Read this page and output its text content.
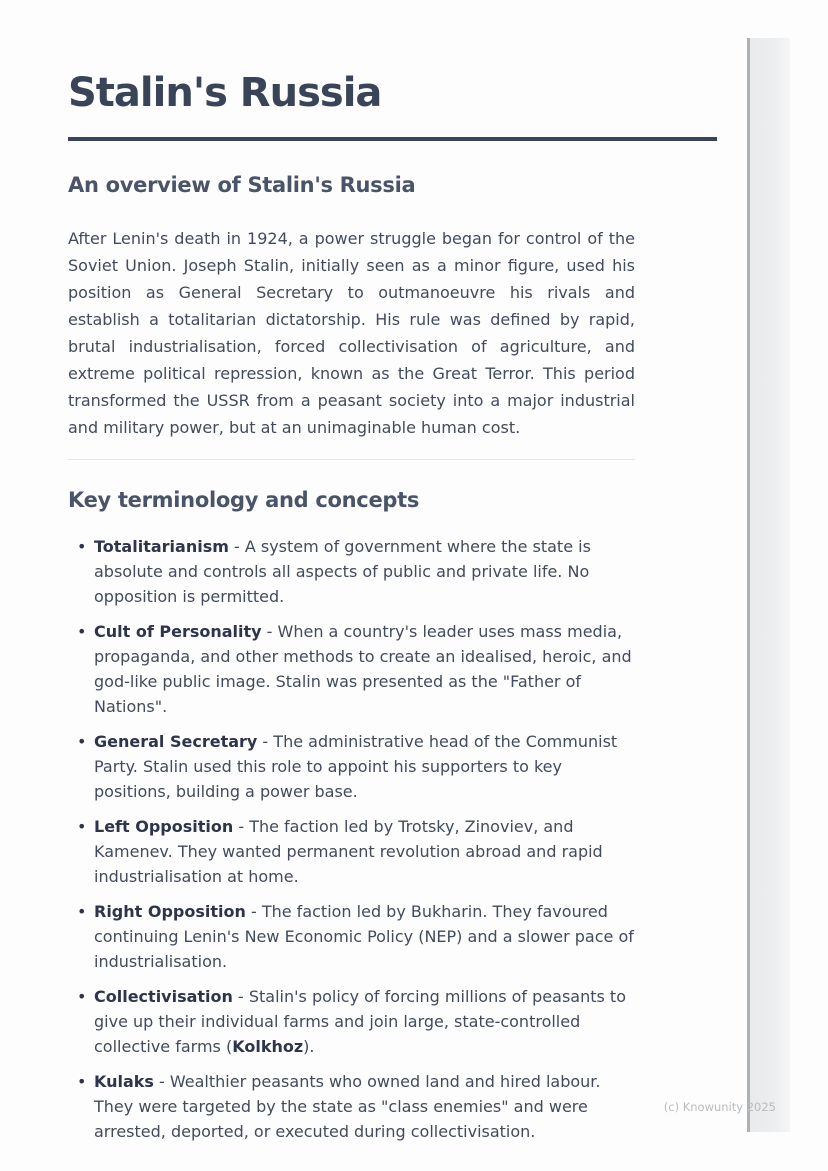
Stalin's Russia
An overview of Stalin's Russia

After Lenin's death in 1924, a power struggle began for control of the Soviet Union. Joseph Stalin, initially seen as a minor figure, used his position as General Secretary to outmanoeuvre his rivals and establish a totalitarian dictatorship. His rule was defined by rapid, brutal industrialisation, forced collectivisation of agriculture, and extreme political repression, known as the Great Terror. This period transformed the USSR from a peasant society into a major industrial and military power, but at an unimaginable human cost.

Key terminology and concepts
• Totalitarianism - A system of government where the state is absolute and controls all aspects of public and private life. No opposition is permitted.
• Cult of Personality - When a country's leader uses mass media, propaganda, and other methods to create an idealised, heroic, and god-like public image. Stalin was presented as the "Father of Nations".
• General Secretary - The administrative head of the Communist Party. Stalin used this role to appoint his supporters to key positions, building a power base.
• Left Opposition - The faction led by Trotsky, Zinoviev, and Kamenev. They wanted permanent revolution abroad and rapid industrialisation at home.
• Right Opposition - The faction led by Bukharin. They favoured continuing Lenin's New Economic Policy (NEP) and a slower pace of industrialisation.
• Collectivisation - Stalin's policy of forcing millions of peasants to give up their individual farms and join large, state-controlled collective farms (Kolkhoz).
• Kulaks - Wealthier peasants who owned land and hired labour. They were targeted by the state as "class enemies" and were arrested, deported, or executed during collectivisation.
(c) Knowunity 2025
